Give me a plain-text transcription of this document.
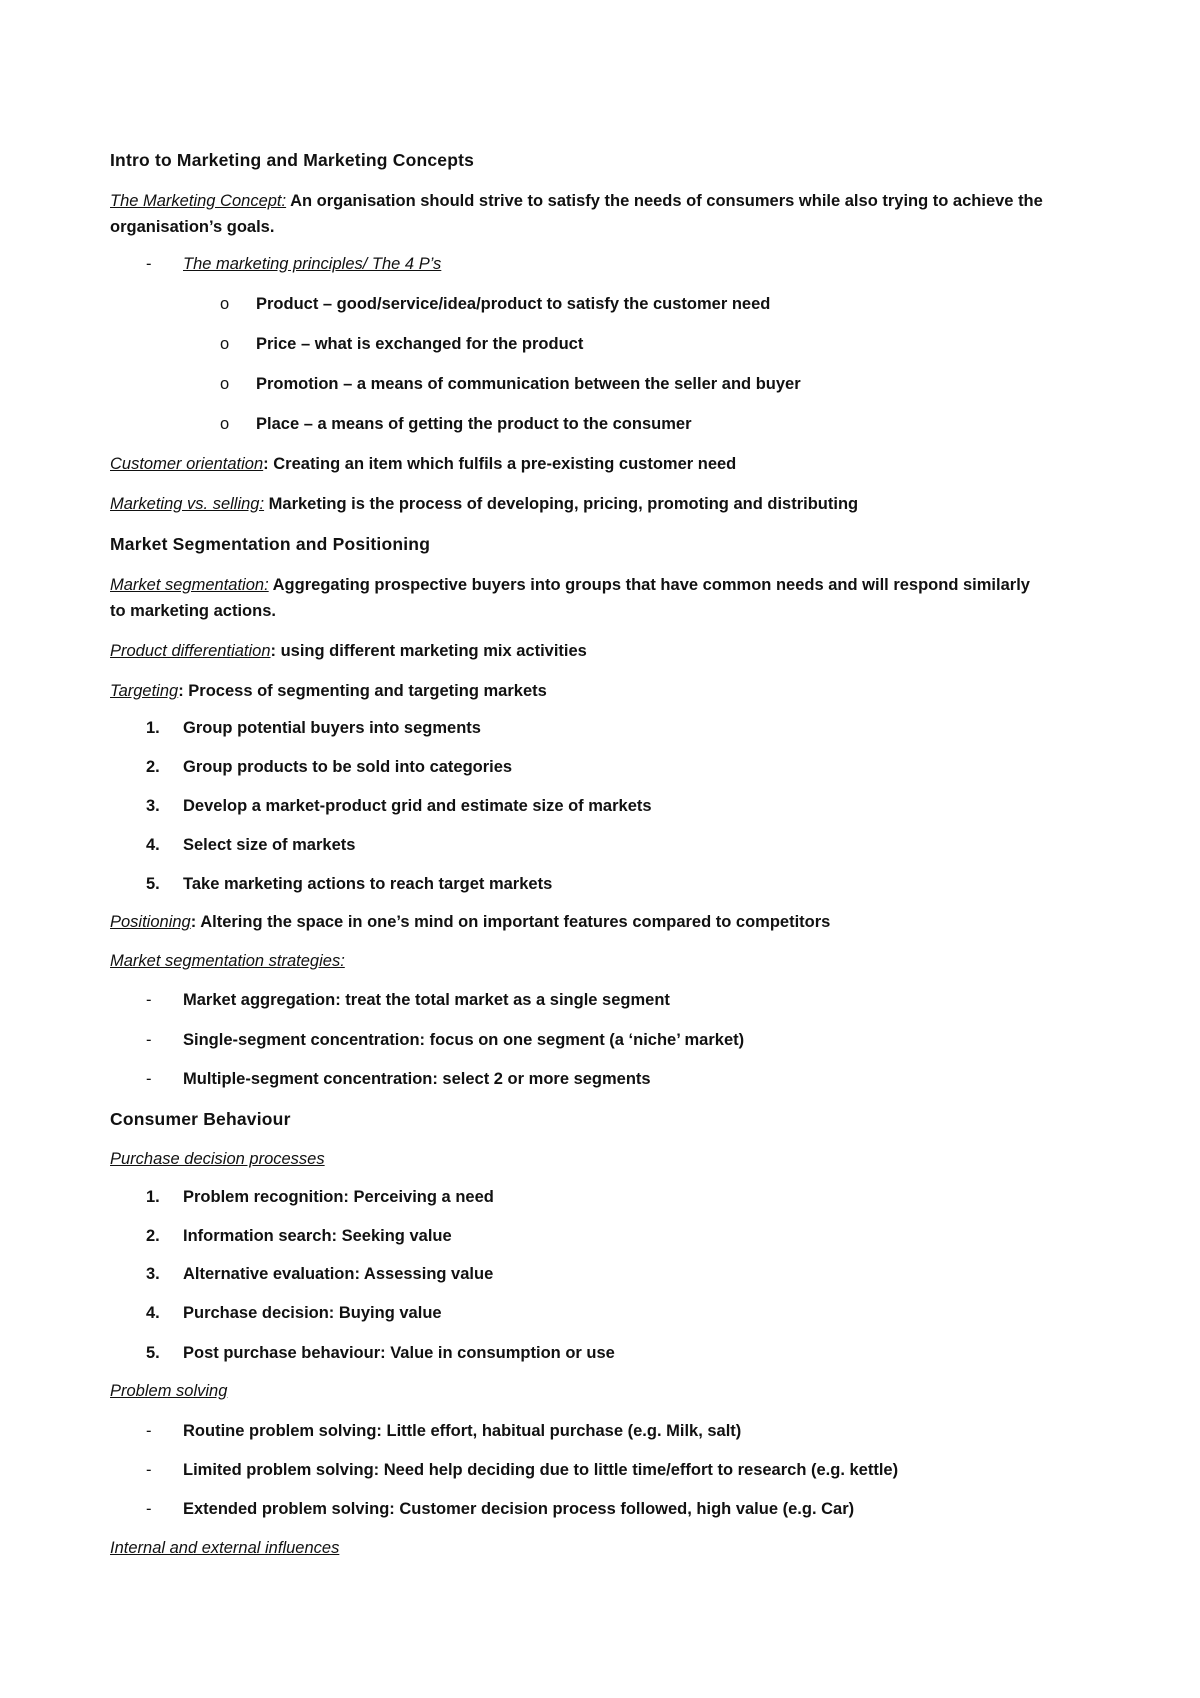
Intro to Marketing and Marketing Concepts
The Marketing Concept: An organisation should strive to satisfy the needs of consumers while also trying to achieve the
organisation’s goals.
- The marketing principles/ The 4 P’s
o Product – good/service/idea/product to satisfy the customer need
o Price – what is exchanged for the product
o Promotion – a means of communication between the seller and buyer
o Place – a means of getting the product to the consumer
Customer orientation: Creating an item which fulfils a pre-existing customer need
Marketing vs. selling: Marketing is the process of developing, pricing, promoting and distributing
Market Segmentation and Positioning
Market segmentation: Aggregating prospective buyers into groups that have common needs and will respond similarly
to marketing actions.
Product differentiation: using different marketing mix activities
Targeting: Process of segmenting and targeting markets
1. Group potential buyers into segments
2. Group products to be sold into categories
3. Develop a market-product grid and estimate size of markets
4. Select size of markets
5. Take marketing actions to reach target markets
Positioning: Altering the space in one’s mind on important features compared to competitors
Market segmentation strategies:
- Market aggregation: treat the total market as a single segment
- Single-segment concentration: focus on one segment (a ‘niche’ market)
- Multiple-segment concentration: select 2 or more segments
Consumer Behaviour
Purchase decision processes
1. Problem recognition: Perceiving a need
2. Information search: Seeking value
3. Alternative evaluation: Assessing value
4. Purchase decision: Buying value
5. Post purchase behaviour: Value in consumption or use
Problem solving
- Routine problem solving: Little effort, habitual purchase (e.g. Milk, salt)
- Limited problem solving: Need help deciding due to little time/effort to research (e.g. kettle)
- Extended problem solving: Customer decision process followed, high value (e.g. Car)
Internal and external influences
